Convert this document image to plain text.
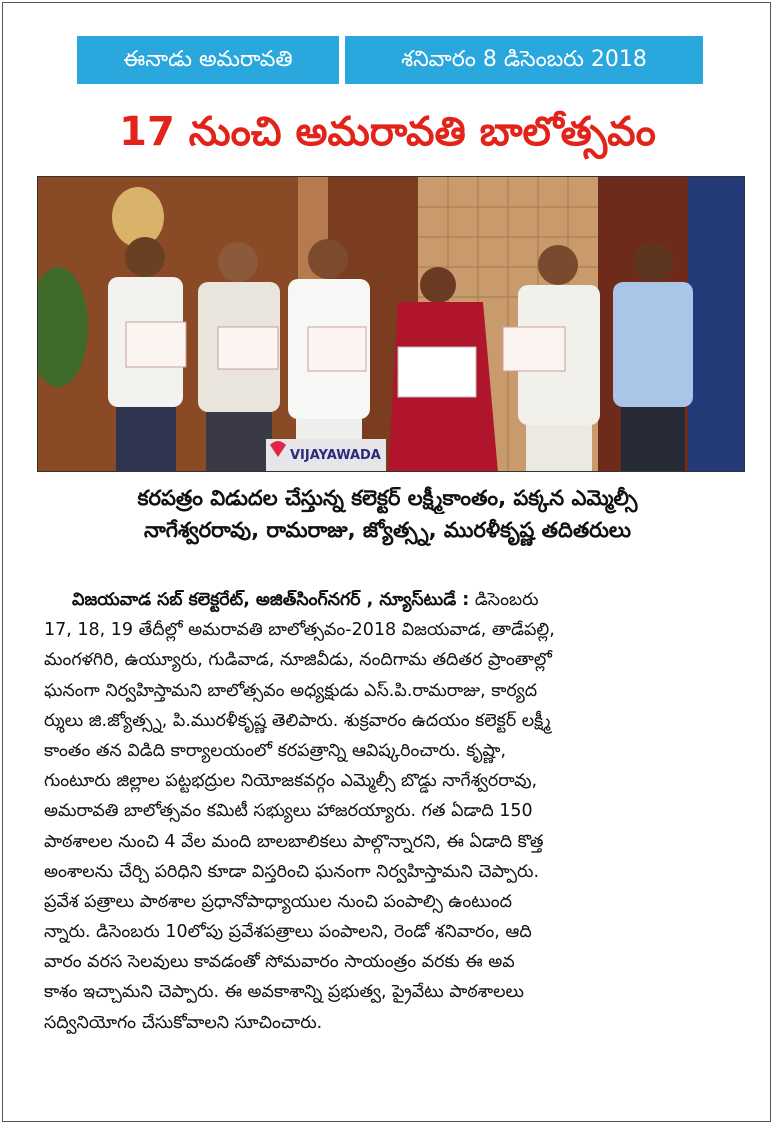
ఈనాడు అమరావతి	శనివారం 8 డిసెంబరు 2018
17 నుంచి అమరావతి బాలోత్సవం
VIJAYAWADA
కరపత్రం విడుదల చేస్తున్న కలెక్టర్ లక్ష్మీకాంతం, పక్కన ఎమ్మెల్సీ
నాగేశ్వరరావు, రామరాజు, జ్యోత్స్న, మురళీకృష్ణ తదితరులు
విజయవాడ సబ్ కలెక్టరేట్, అజిత్‌సింగ్‌నగర్ , న్యూస్‌టుడే : డిసెంబరు
17, 18, 19 తేదీల్లో అమరావతి బాలోత్సవం-2018 విజయవాడ, తాడేపల్లి,
మంగళగిరి, ఉయ్యూరు, గుడివాడ, నూజివీడు, నందిగామ తదితర ప్రాంతాల్లో
ఘనంగా నిర్వహిస్తామని బాలోత్సవం అధ్యక్షుడు ఎస్.పి.రామరాజు, కార్యద
ర్శులు జి.జ్యోత్స్న, పి.మురళీకృష్ణ తెలిపారు. శుక్రవారం ఉదయం కలెక్టర్ లక్ష్మీ
కాంతం తన విడిది కార్యాలయంలో కరపత్రాన్ని ఆవిష్కరించారు. కృష్ణా,
గుంటూరు జిల్లాల పట్టభద్రుల నియోజకవర్గం ఎమ్మెల్సీ బొడ్డు నాగేశ్వరరావు,
అమరావతి బాలోత్సవం కమిటీ సభ్యులు హాజరయ్యారు. గత ఏడాది 150
పాఠశాలల నుంచి 4 వేల మంది బాలబాలికలు పాల్గొన్నారని, ఈ ఏడాది కొత్త
అంశాలను చేర్చి పరిధిని కూడా విస్తరించి ఘనంగా నిర్వహిస్తామని చెప్పారు.
ప్రవేశ పత్రాలు పాఠశాల ప్రధానోపాధ్యాయుల నుంచి పంపాల్సి ఉంటుంద
న్నారు. డిసెంబరు 10లోపు ప్రవేశపత్రాలు పంపాలని, రెండో శనివారం, ఆది
వారం వరస సెలవులు కావడంతో సోమవారం సాయంత్రం వరకు ఈ అవ
కాశం ఇచ్చామని చెప్పారు. ఈ అవకాశాన్ని ప్రభుత్వ, ప్రైవేటు పాఠశాలలు
సద్వినియోగం చేసుకోవాలని సూచించారు.
